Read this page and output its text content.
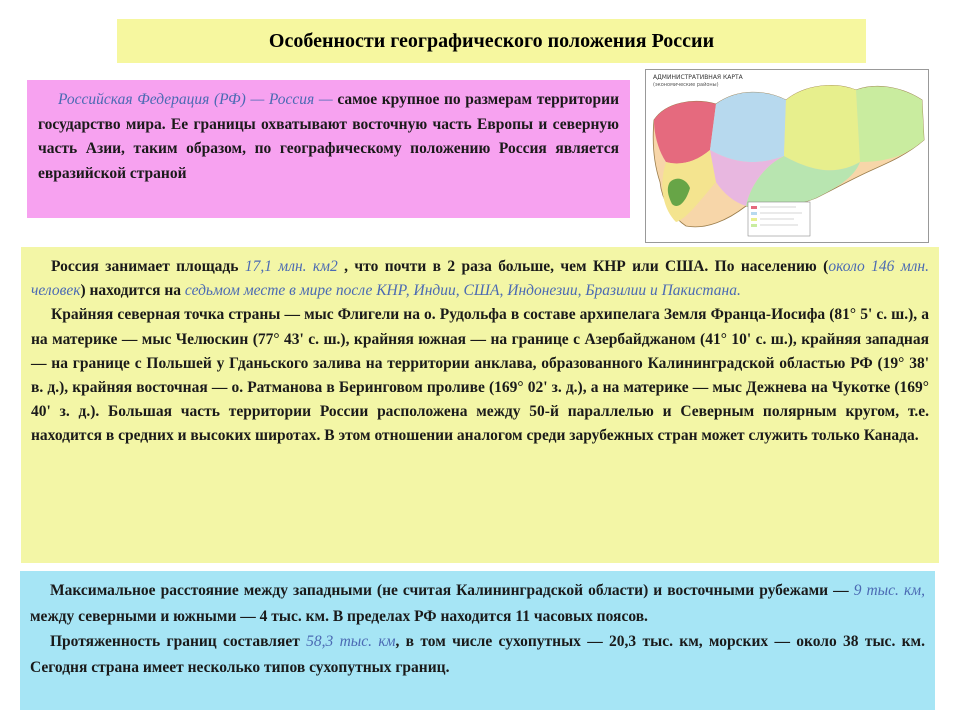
Особенности географического положения России

Российская Федерация (РФ) — Россия — самое крупное по размерам территории государство мира. Ее границы охватывают восточную часть Европы и северную часть Азии, таким образом, по географическому положению Россия является евразийской страной

АДМИНИСТРАТИВНАЯ КАРТА
(экономические районы)

Россия занимает площадь 17,1 млн. км2 , что почти в 2 раза больше, чем КНР или США. По населению (около 146 млн. человек) находится на седьмом месте в мире после КНР, Индии, США, Индонезии, Бразилии и Пакистана.

Крайняя северная точка страны — мыс Флигели на о. Рудольфа в составе архипелага Земля Франца-Иосифа (81° 5' с. ш.), а на материке — мыс Челюскин (77° 43' с. ш.), крайняя южная — на границе с Азербайджаном (41° 10' с. ш.), крайняя западная — на границе с Польшей у Гданьского залива на территории анклава, образованного Калининградской областью РФ (19° 38' в. д.), крайняя восточная — о. Ратманова в Беринговом проливе (169° 02' з. д.), а на материке — мыс Дежнева на Чукотке (169° 40' з. д.). Большая часть территории России расположена между 50-й параллелью и Северным полярным кругом, т.е. находится в средних и высоких широтах. В этом отношении аналогом среди зарубежных стран может служить только Канада.

Максимальное расстояние между западными (не считая Калининградской области) и восточными рубежами — 9 тыс. км, между северными и южными — 4 тыс. км. В пределах РФ находится 11 часовых поясов.

Протяженность границ составляет 58,3 тыс. км, в том числе сухопутных — 20,3 тыс. км, морских — около 38 тыс. км. Сегодня страна имеет несколько типов сухопутных границ.
